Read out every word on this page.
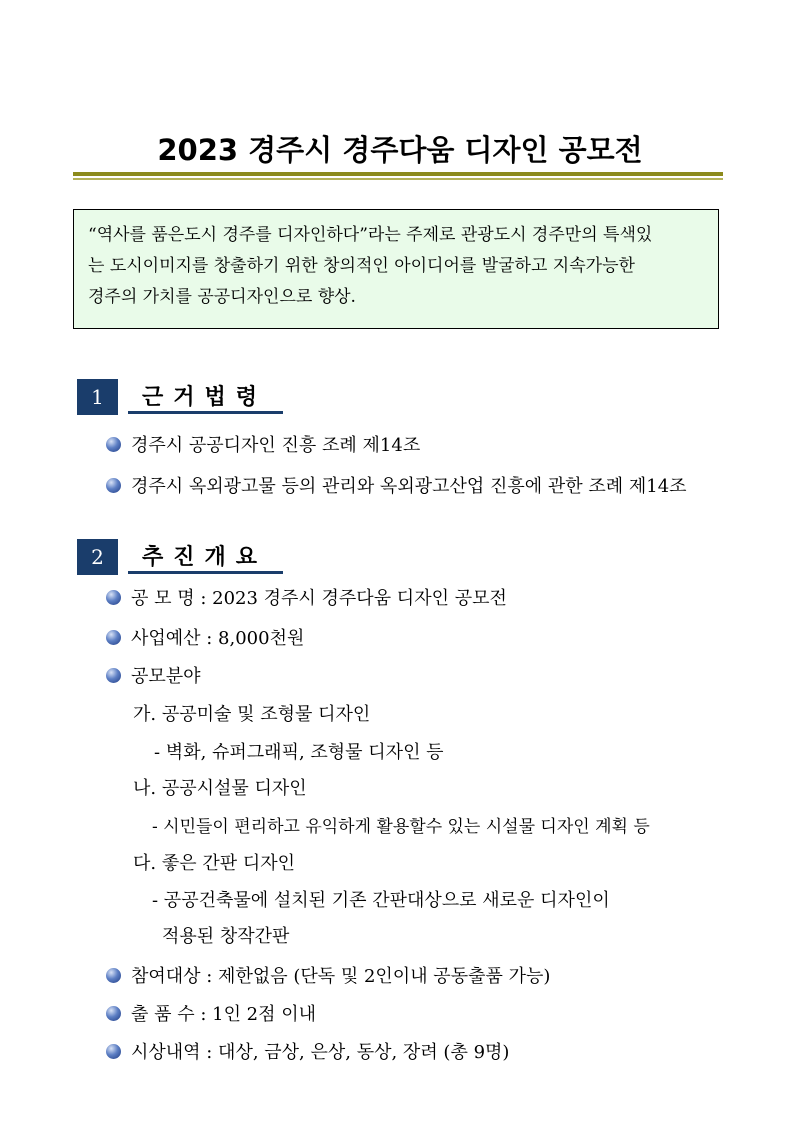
2023 경주시 경주다움 디자인 공모전
“역사를 품은도시 경주를 디자인하다”라는 주제로 관광도시 경주만의 특색있
는 도시이미지를 창출하기 위한 창의적인 아이디어를 발굴하고 지속가능한
경주의 가치를 공공디자인으로 향상.
1	근거법령
경주시 공공디자인 진흥 조례 제14조
경주시 옥외광고물 등의 관리와 옥외광고산업 진흥에 관한 조례 제14조
2	추진개요
공 모 명 : 2023 경주시 경주다움 디자인 공모전
사업예산 : 8,000천원
공모분야
가. 공공미술 및 조형물 디자인
- 벽화, 슈퍼그래픽, 조형물 디자인 등
나. 공공시설물 디자인
- 시민들이 편리하고 유익하게 활용할수 있는 시설물 디자인 계획 등
다. 좋은 간판 디자인
- 공공건축물에 설치된 기존 간판대상으로 새로운 디자인이
적용된 창작간판
참여대상 : 제한없음 (단독 및 2인이내 공동출품 가능)
출 품 수 : 1인 2점 이내
시상내역 : 대상, 금상, 은상, 동상, 장려 (총 9명)
